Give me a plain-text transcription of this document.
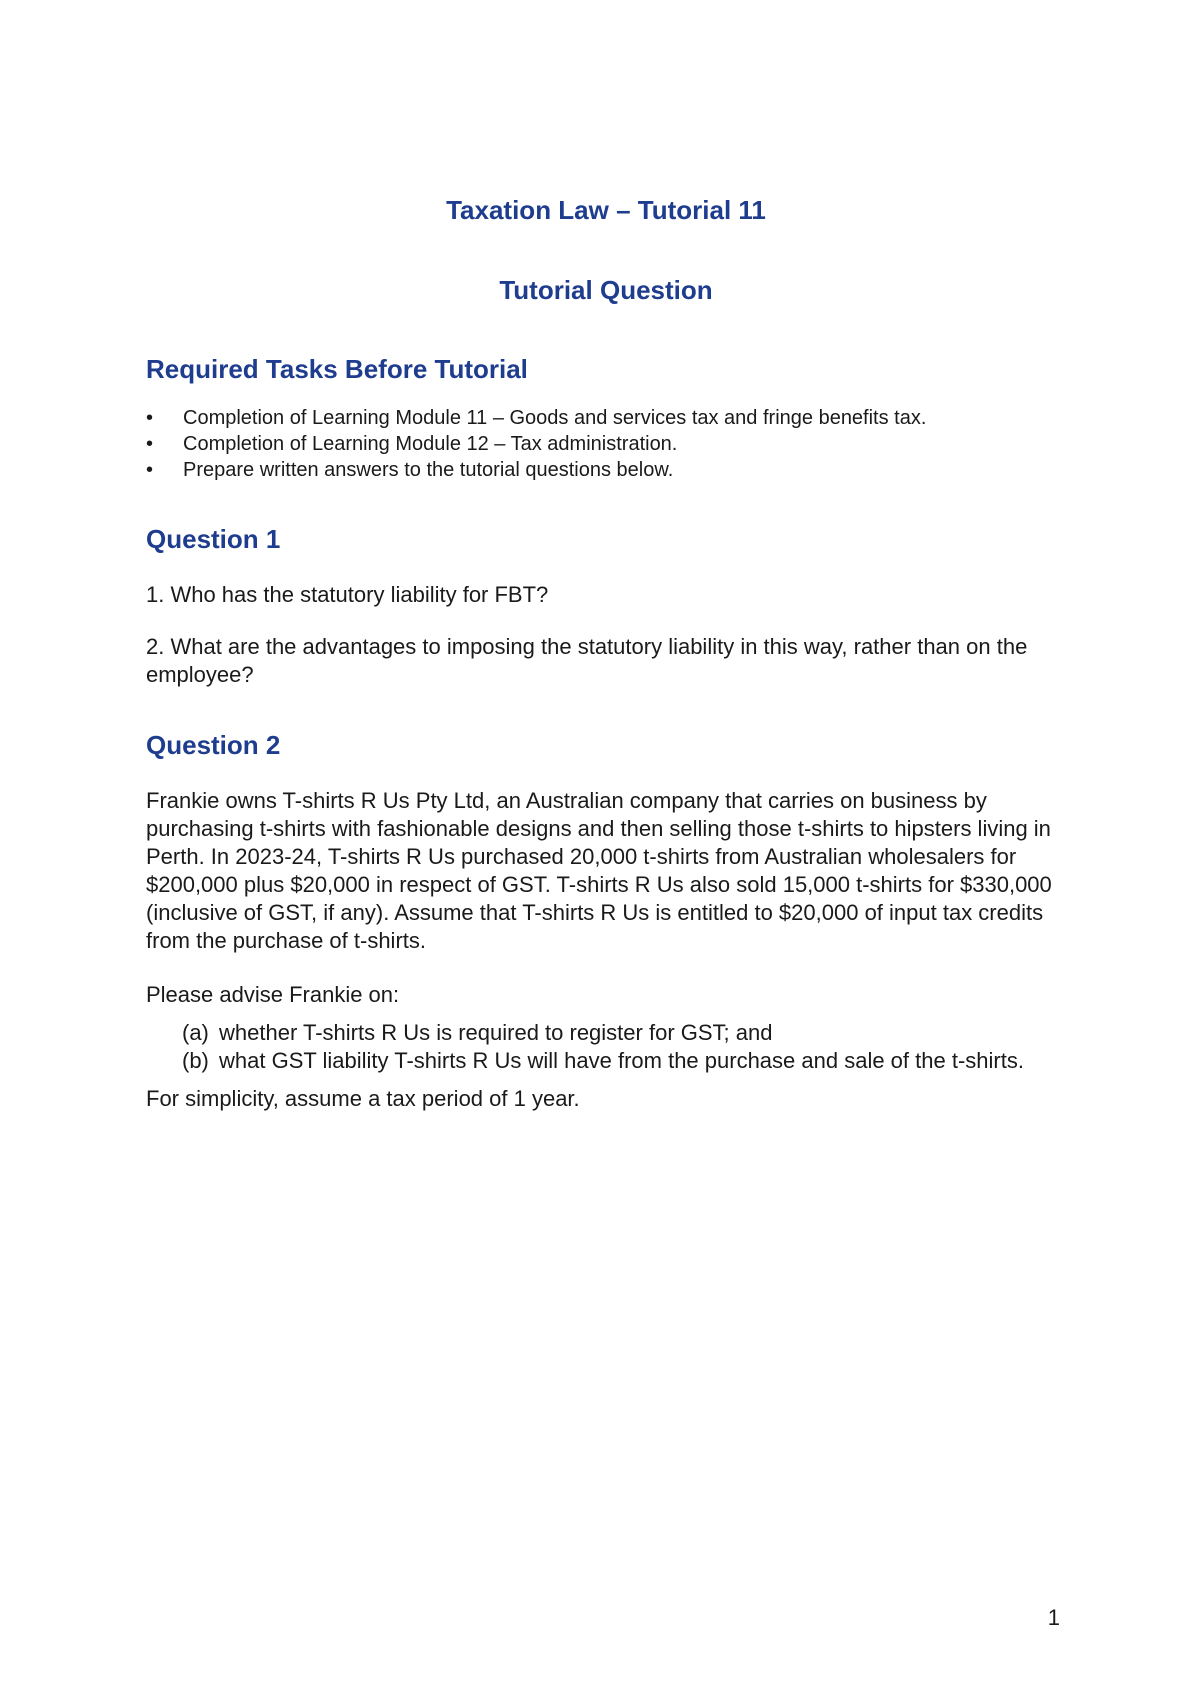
Taxation Law – Tutorial 11
Tutorial Question
Required Tasks Before Tutorial
•	Completion of Learning Module 11 – Goods and services tax and fringe benefits tax.
•	Completion of Learning Module 12 – Tax administration.
•	Prepare written answers to the tutorial questions below.
Question 1

1. Who has the statutory liability for FBT?

2. What are the advantages to imposing the statutory liability in this way, rather than on the employee?

Question 2

Frankie owns T-shirts R Us Pty Ltd, an Australian company that carries on business by purchasing t-shirts with fashionable designs and then selling those t-shirts to hipsters living in Perth. In 2023-24, T-shirts R Us purchased 20,000 t-shirts from Australian wholesalers for $200,000 plus $20,000 in respect of GST. T-shirts R Us also sold 15,000 t-shirts for $330,000 (inclusive of GST, if any). Assume that T-shirts R Us is entitled to $20,000 of input tax credits from the purchase of t-shirts.

Please advise Frankie on:

(a) whether T-shirts R Us is required to register for GST; and
(b) what GST liability T-shirts R Us will have from the purchase and sale of the t-shirts.

For simplicity, assume a tax period of 1 year.

1
